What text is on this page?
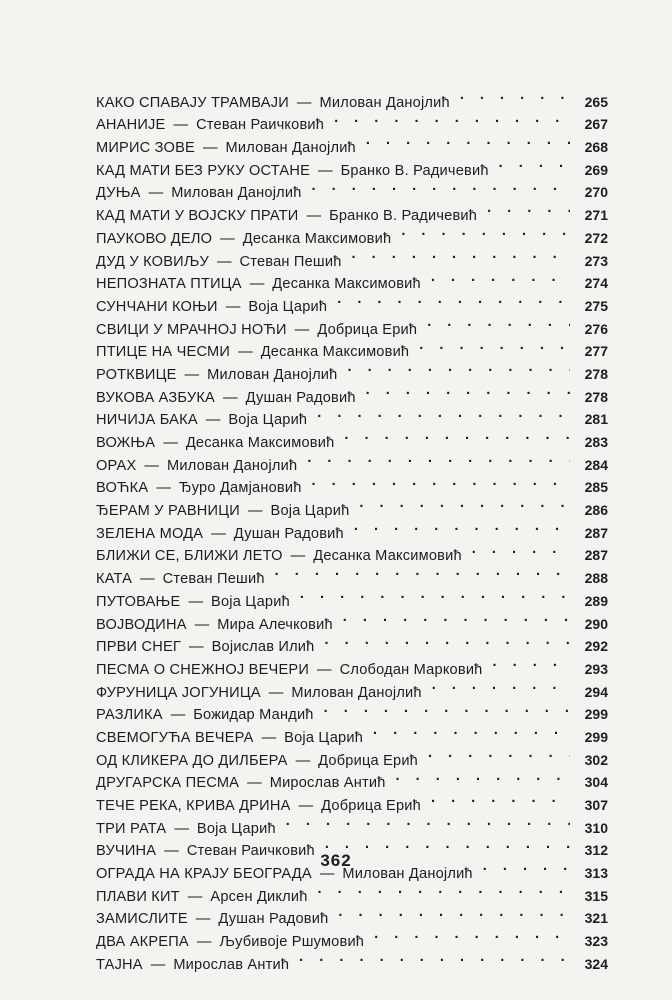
КАКО СПАВАЈУ ТРАМВАЈИ — Милован Данојлић . . .	265
АНАНИЈЕ — Стеван Раичковић . . .	267
МИРИС ЗОВЕ — Милован Данојлић . . .	268
КАД МАТИ БЕЗ РУКУ ОСТАНЕ — Бранко В. Радичевић . . .	269
ДУЊА — Милован Данојлић . . .	270
КАД МАТИ У ВОЈСКУ ПРАТИ — Бранко В. Радичевић . . .	271
ПАУКОВО ДЕЛО — Десанка Максимовић . . .	272
ДУД У КОВИЉУ — Стеван Пешић . . .	273
НЕПОЗНАТА ПТИЦА — Десанка Максимовић . . .	274
СУНЧАНИ КОЊИ — Воја Царић . . .	275
СВИЦИ У МРАЧНОЈ НОЋИ — Добрица Ерић . . .	276
ПТИЦЕ НА ЧЕСМИ — Десанка Максимовић . . .	277
РОТКВИЦЕ — Милован Данојлић . . .	278
ВУКОВА АЗБУКА — Душан Радовић . . .	278
НИЧИЈА БАКА — Воја Царић . . .	281
ВОЖЊА — Десанка Максимовић . . .	283
ОРАХ — Милован Данојлић . . .	284
ВОЋКА — Ђуро Дамјановић . . .	285
ЂЕРАМ У РАВНИЦИ — Воја Царић . . .	286
ЗЕЛЕНА МОДА — Душан Радовић . . .	287
БЛИЖИ СЕ, БЛИЖИ ЛЕТО — Десанка Максимовић . . .	287
КАТА — Стеван Пешић . . .	288
ПУТОВАЊЕ — Воја Царић . . .	289
ВОЈВОДИНА — Мира Алечковић . . .	290
ПРВИ СНЕГ — Војислав Илић . . .	292
ПЕСМА О СНЕЖНОЈ ВЕЧЕРИ — Слободан Марковић . . .	293
ФУРУНИЦА ЈОГУНИЦА — Милован Данојлић . . .	294
РАЗЛИКА — Божидар Мандић . . .	299
СВЕМОГУЋА ВЕЧЕРА — Воја Царић . . .	299
ОД КЛИКЕРА ДО ДИЛБЕРА — Добрица Ерић . . .	302
ДРУГАРСКА ПЕСМА — Мирослав Антић . . .	304
ТЕЧЕ РЕКА, КРИВА ДРИНА — Добрица Ерић . . .	307
ТРИ РАТА — Воја Царић . . .	310
ВУЧИНА — Стеван Раичковић . . .	312
ОГРАДА НА КРАЈУ БЕОГРАДА — Милован Данојлић . . .	313
ПЛАВИ КИТ — Арсен Диклић . . .	315
ЗАМИСЛИТЕ — Душан Радовић . . .	321
ДВА АКРЕПА — Љубивоје Ршумовић . . .	323
ТАЈНА — Мирослав Антић . . .	324
362
